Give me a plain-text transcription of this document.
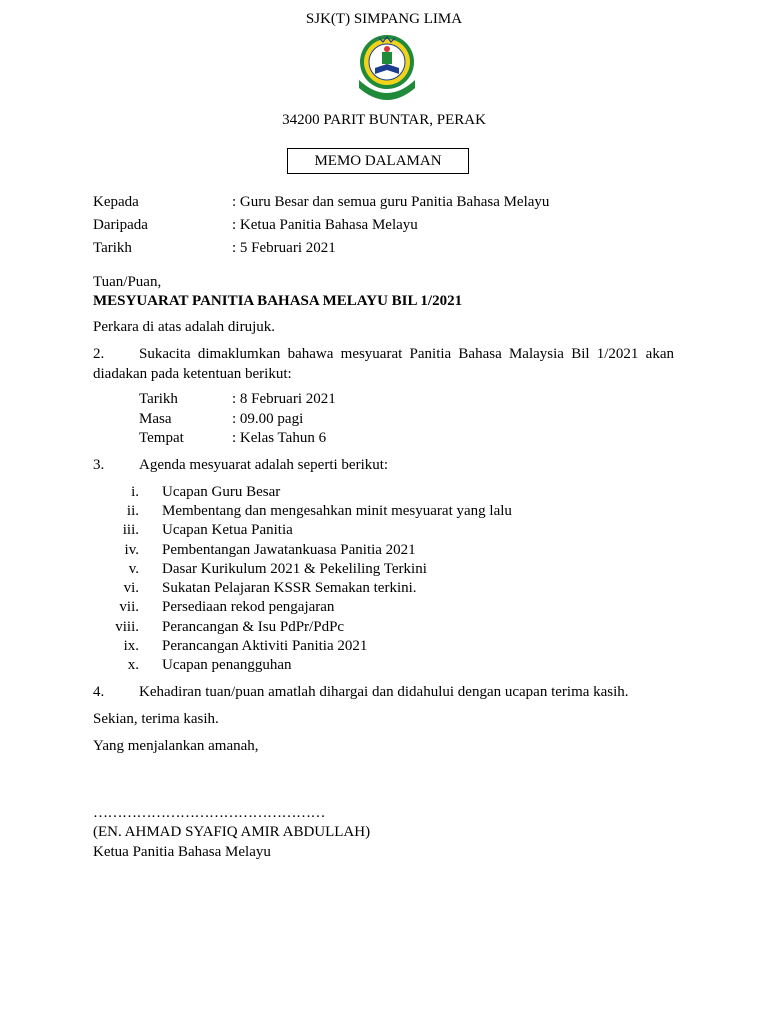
SJK(T) SIMPANG LIMA
34200 PARIT BUNTAR, PERAK
MEMO DALAMAN
Kepada	: Guru Besar dan semua guru Panitia Bahasa Melayu
Daripada	: Ketua Panitia Bahasa Melayu
Tarikh	: 5 Februari 2021
Tuan/Puan,
MESYUARAT PANITIA BAHASA MELAYU BIL 1/2021
Perkara di atas adalah dirujuk.
2. Sukacita dimaklumkan bahawa mesyuarat Panitia Bahasa Malaysia Bil 1/2021 akan
diadakan pada ketentuan berikut:
Tarikh	: 8 Februari 2021
Masa	: 09.00 pagi
Tempat	: Kelas Tahun 6
3. Agenda mesyuarat adalah seperti berikut:
i. Ucapan Guru Besar
ii. Membentang dan mengesahkan minit mesyuarat yang lalu
iii. Ucapan Ketua Panitia
iv. Pembentangan Jawatankuasa Panitia 2021
v. Dasar Kurikulum 2021 & Pekeliling Terkini
vi. Sukatan Pelajaran KSSR Semakan terkini.
vii. Persediaan rekod pengajaran
viii. Perancangan & Isu PdPr/PdPc
ix. Perancangan Aktiviti Panitia 2021
x. Ucapan penangguhan
4. Kehadiran tuan/puan amatlah dihargai dan didahului dengan ucapan terima kasih.
Sekian, terima kasih.
Yang menjalankan amanah,
…………………………………………
(EN. AHMAD SYAFIQ AMIR ABDULLAH)
Ketua Panitia Bahasa Melayu
